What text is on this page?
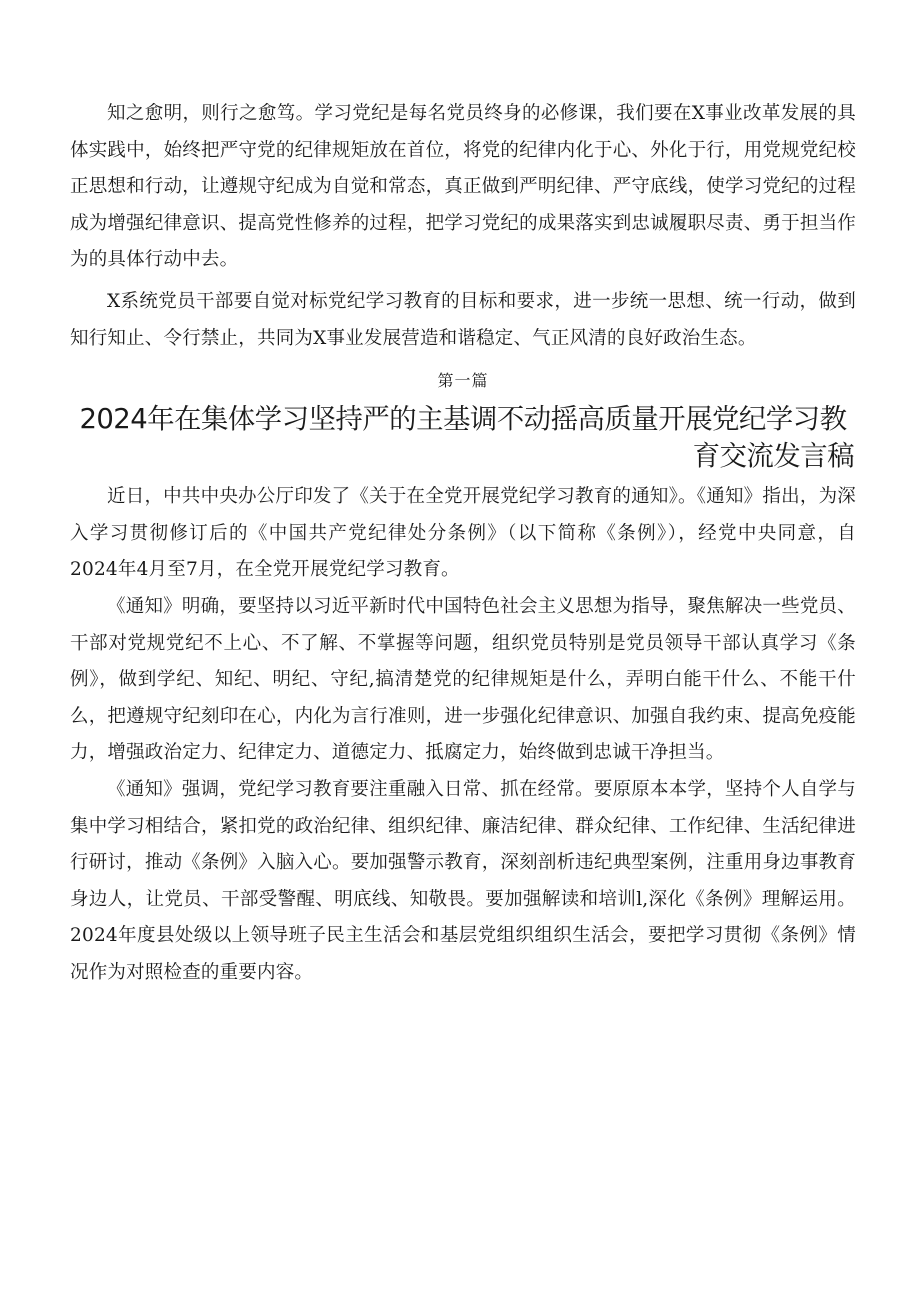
知之愈明，则行之愈笃。学习党纪是每名党员终身的必修课，我们要在X事业改革发展的具体实践中，始终把严守党的纪律规矩放在首位，将党的纪律内化于心、外化于行，用党规党纪校正思想和行动，让遵规守纪成为自觉和常态，真正做到严明纪律、严守底线，使学习党纪的过程成为增强纪律意识、提高党性修养的过程，把学习党纪的成果落实到忠诚履职尽责、勇于担当作为的具体行动中去。

X系统党员干部要自觉对标党纪学习教育的目标和要求，进一步统一思想、统一行动，做到知行知止、令行禁止，共同为X事业发展营造和谐稳定、气正风清的良好政治生态。

第一篇
2024年在集体学习坚持严的主基调不动摇高质量开展党纪学习教
育交流发言稿

近日，中共中央办公厅印发了《关于在全党开展党纪学习教育的通知》。《通知》指出，为深入学习贯彻修订后的《中国共产党纪律处分条例》（以下简称《条例》），经党中央同意，自2024年4月至7月，在全党开展党纪学习教育。

《通知》明确，要坚持以习近平新时代中国特色社会主义思想为指导，聚焦解决一些党员、干部对党规党纪不上心、不了解、不掌握等问题，组织党员特别是党员领导干部认真学习《条例》，做到学纪、知纪、明纪、守纪,搞清楚党的纪律规矩是什么，弄明白能干什么、不能干什么，把遵规守纪刻印在心，内化为言行准则，进一步强化纪律意识、加强自我约束、提高免疫能力，增强政治定力、纪律定力、道德定力、抵腐定力，始终做到忠诚干净担当。

《通知》强调，党纪学习教育要注重融入日常、抓在经常。要原原本本学，坚持个人自学与集中学习相结合，紧扣党的政治纪律、组织纪律、廉洁纪律、群众纪律、工作纪律、生活纪律进行研讨，推动《条例》入脑入心。要加强警示教育，深刻剖析违纪典型案例，注重用身边事教育身边人，让党员、干部受警醒、明底线、知敬畏。要加强解读和培训l,深化《条例》理解运用。2024年度县处级以上领导班子民主生活会和基层党组织组织生活会，要把学习贯彻《条例》情况作为对照检查的重要内容。
